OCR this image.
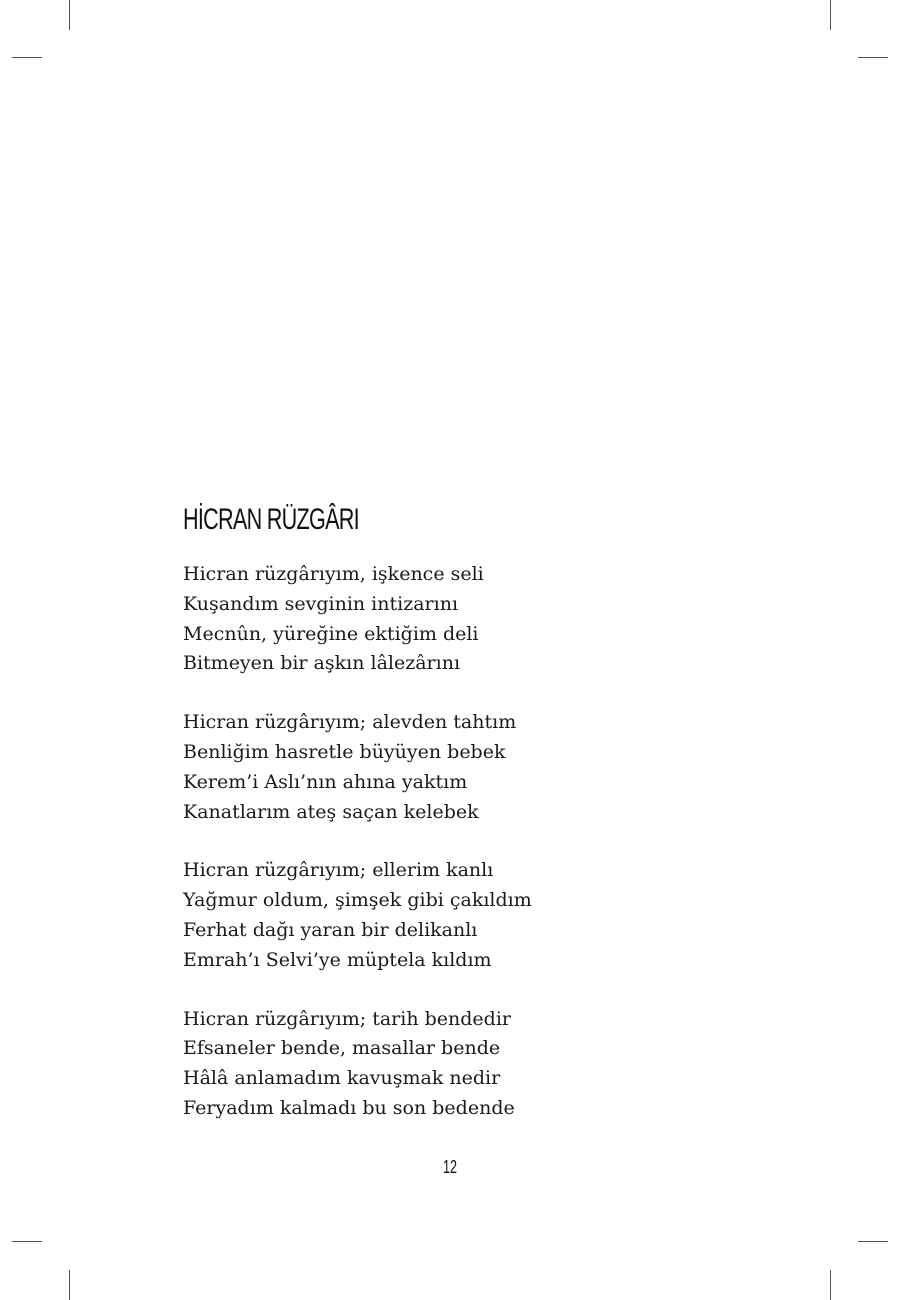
HİCRAN RÜZGÂRI

Hicran rüzgârıyım, işkence seli
Kuşandım sevginin intizarını
Mecnûn, yüreğine ektiğim deli
Bitmeyen bir aşkın lâlezârını

Hicran rüzgârıyım; alevden tahtım
Benliğim hasretle büyüyen bebek
Kerem’i Aslı’nın ahına yaktım
Kanatlarım ateş saçan kelebek

Hicran rüzgârıyım; ellerim kanlı
Yağmur oldum, şimşek gibi çakıldım
Ferhat dağı yaran bir delikanlı
Emrah’ı Selvi’ye müptela kıldım

Hicran rüzgârıyım; tarih bendedir
Efsaneler bende, masallar bende
Hâlâ anlamadım kavuşmak nedir
Feryadım kalmadı bu son bedende

12
